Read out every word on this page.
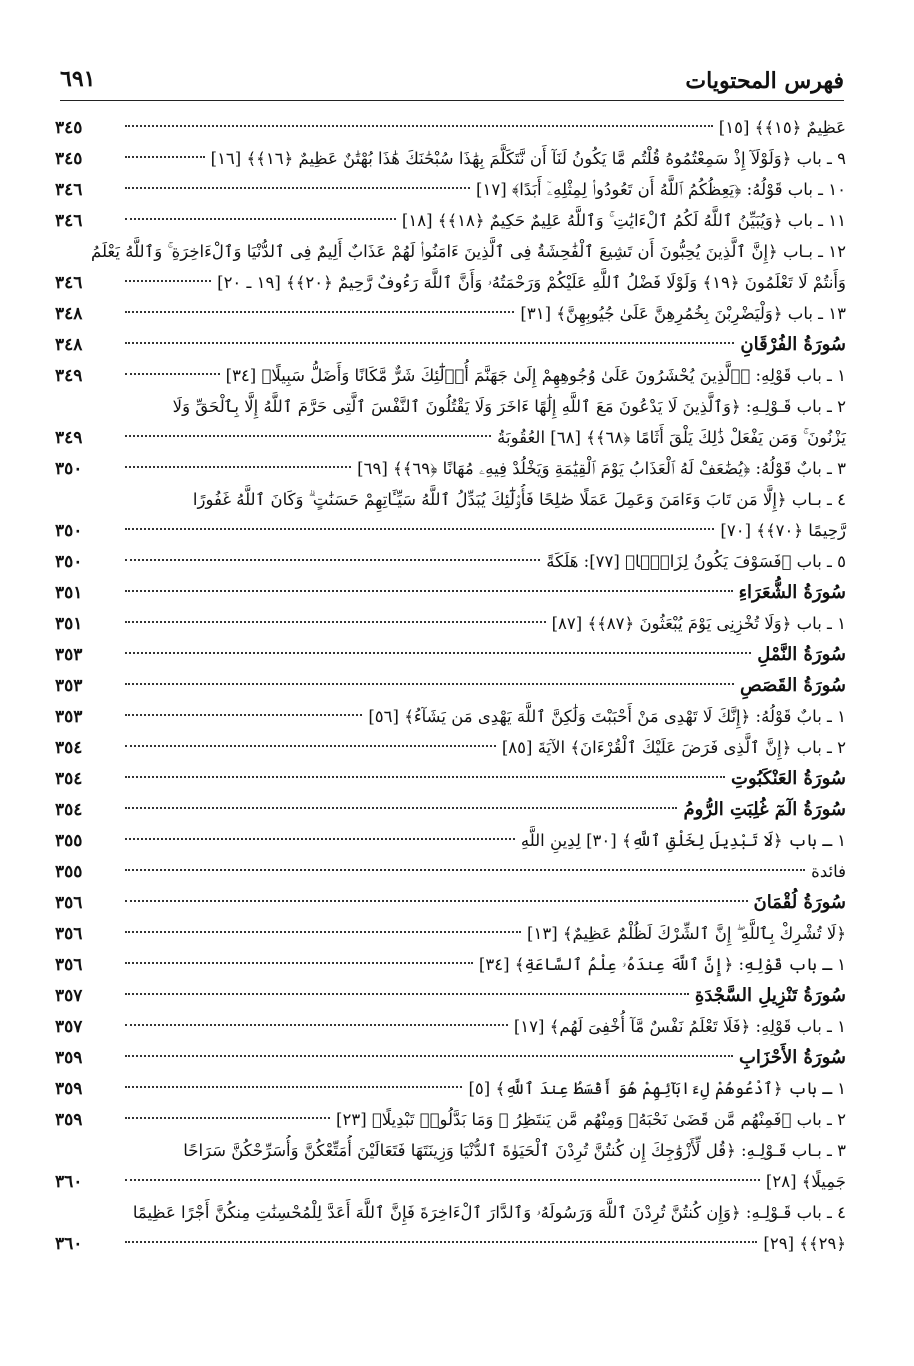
فهرس المحتويات
٦٩١
عَظِيمٌ ﴿١٥﴾﴾ [١٥]
٣٤٥
٩ ـ باب ﴿وَلَوْلَآ إِذْ سَمِعْتُمُوهُ قُلْتُم مَّا يَكُونُ لَنَآ أَن نَّتَكَلَّمَ بِهَٰذَا سُبْحَٰنَكَ هَٰذَا بُهْتَٰنٌ عَظِيمٌ ﴿١٦﴾﴾ [١٦]
٣٤٥
١٠ ـ باب قَوْلُهُ: ﴿يَعِظُكُمُ ٱللَّهُ أَن تَعُودُوا۟ لِمِثْلِهِۦٓ أَبَدًا﴾ [١٧]
٣٤٦
١١ ـ باب ﴿وَيُبَيِّنُ ٱللَّهُ لَكُمُ ٱلْءَايَٰتِ ۚ وَٱللَّهُ عَلِيمٌ حَكِيمٌ ﴿١٨﴾﴾ [١٨]
٣٤٦
١٢ ـ بـاب ﴿إِنَّ ٱلَّذِينَ يُحِبُّونَ أَن تَشِيعَ ٱلْفَٰحِشَةُ فِى ٱلَّذِينَ ءَامَنُوا۟ لَهُمْ عَذَابٌ أَلِيمٌ فِى ٱلدُّنْيَا وَٱلْءَاخِرَةِ ۚ وَٱللَّهُ يَعْلَمُ
وَأَنتُمْ لَا تَعْلَمُونَ ﴿١٩﴾ وَلَوْلَا فَضْلُ ٱللَّهِ عَلَيْكُمْ وَرَحْمَتُهُۥ وَأَنَّ ٱللَّهَ رَءُوفٌ رَّحِيمٌ ﴿٢٠﴾﴾ [١٩ ـ ٢٠]
٣٤٦
١٣ ـ باب ﴿وَلْيَضْرِبْنَ بِخُمُرِهِنَّ عَلَىٰ جُيُوبِهِنَّ﴾ [٣١]
٣٤٨
سُورَةُ الفُرْقَانِ
٣٤٨
١ ـ باب قَوْلِهِ: ﴿ٱلَّذِينَ يُحْشَرُونَ عَلَىٰ وُجُوهِهِمْ إِلَىٰ جَهَنَّمَ أُو۟لَٰٓئِكَ شَرٌّ مَّكَانًا وَأَضَلُّ سَبِيلًا﴾ [٣٤]
٣٤٩
٢ ـ باب قَـوْلِـهِ: ﴿وَٱلَّذِينَ لَا يَدْعُونَ مَعَ ٱللَّهِ إِلَٰهًا ءَاخَرَ وَلَا يَقْتُلُونَ ٱلنَّفْسَ ٱلَّتِى حَرَّمَ ٱللَّهُ إِلَّا بِٱلْحَقِّ وَلَا
يَزْنُونَ ۚ وَمَن يَفْعَلْ ذَٰلِكَ يَلْقَ أَثَامًا ﴿٦٨﴾﴾ [٦٨] العُقُوبَةُ
٣٤٩
٣ ـ بابٌ قَوْلُهُ: ﴿يُضَٰعَفْ لَهُ ٱلْعَذَابُ يَوْمَ ٱلْقِيَٰمَةِ وَيَخْلُدْ فِيهِۦ مُهَانًا ﴿٦٩﴾﴾ [٦٩]
٣٥٠
٤ ـ بـاب ﴿إِلَّا مَن تَابَ وَءَامَنَ وَعَمِلَ عَمَلًا صَٰلِحًا فَأُو۟لَٰٓئِكَ يُبَدِّلُ ٱللَّهُ سَيِّـَٔاتِهِمْ حَسَنَٰتٍ ۗ وَكَانَ ٱللَّهُ غَفُورًا
رَّحِيمًا ﴿٧٠﴾﴾ [٧٠]
٣٥٠
٥ ـ باب ﴿فَسَوْفَ يَكُونُ لِزَامًۢا﴾ [٧٧]: هَلَكَةً
٣٥٠
سُورَةُ الشُّعَرَاءِ
٣٥١
١ ـ باب ﴿وَلَا تُخْزِنِى يَوْمَ يُبْعَثُونَ ﴿٨٧﴾﴾ [٨٧]
٣٥١
سُورَةُ النَّمْلِ
٣٥٣
سُورَةُ القَصَصِ
٣٥٣
١ ـ بابٌ قَوْلُهُ: ﴿إِنَّكَ لَا تَهْدِى مَنْ أَحْبَبْتَ وَلَٰكِنَّ ٱللَّهَ يَهْدِى مَن يَشَآءُ﴾ [٥٦]
٣٥٣
٢ ـ باب ﴿إِنَّ ٱلَّذِى فَرَضَ عَلَيْكَ ٱلْقُرْءَانَ﴾ الآيَةَ [٨٥]
٣٥٤
سُورَةُ العَنْكَبُوتِ
٣٥٤
سُورَةُ الٓمٓ غُلِبَتِ الرُّومُ
٣٥٤
١ ـ باب ﴿لَا تَبْدِيلَ لِخَلْقِ ٱللَّهِ﴾ [٣٠] لِدِينِ اللَّهِ
٣٥٥
فائدة
٣٥٥
سُورَةُ لُقْمَانَ
٣٥٦
﴿لَا تُشْرِكْ بِٱللَّهِ ۖ إِنَّ ٱلشِّرْكَ لَظُلْمٌ عَظِيمٌ﴾ [١٣]
٣٥٦
١ ـ باب قَوْلِهِ: ﴿إِنَّ ٱللَّهَ عِندَهُۥ عِلْمُ ٱلسَّاعَةِ﴾ [٣٤]
٣٥٦
سُورَةُ تَنْزِيلِ السَّجْدَةِ
٣٥٧
١ ـ باب قَوْلِهِ: ﴿فَلَا تَعْلَمُ نَفْسٌ مَّآ أُخْفِىَ لَهُم﴾ [١٧]
٣٥٧
سُورَةُ الأَحْزَابِ
٣٥٩
١ ـ باب ﴿ٱدْعُوهُمْ لِءَابَآئِهِمْ هُوَ أَقْسَطُ عِندَ ٱللَّهِ﴾ [٥]
٣٥٩
٢ ـ باب ﴿فَمِنْهُم مَّن قَضَىٰ نَحْبَهُۥ وَمِنْهُم مَّن يَنتَظِرُ ۖ وَمَا بَدَّلُوا۟ تَبْدِيلًا﴾ [٢٣]
٣٥٩
٣ ـ بـاب قَـوْلِـهِ: ﴿قُل لِّأَزْوَٰجِكَ إِن كُنتُنَّ تُرِدْنَ ٱلْحَيَوٰةَ ٱلدُّنْيَا وَزِينَتَهَا فَتَعَالَيْنَ أُمَتِّعْكُنَّ وَأُسَرِّحْكُنَّ سَرَاحًا
جَمِيلًا﴾ [٢٨]
٣٦٠
٤ ـ باب قَـوْلِـهِ: ﴿وَإِن كُنتُنَّ تُرِدْنَ ٱللَّهَ وَرَسُولَهُۥ وَٱلدَّارَ ٱلْءَاخِرَةَ فَإِنَّ ٱللَّهَ أَعَدَّ لِلْمُحْسِنَٰتِ مِنكُنَّ أَجْرًا عَظِيمًا
﴿٢٩﴾﴾ [٢٩]
٣٦٠
